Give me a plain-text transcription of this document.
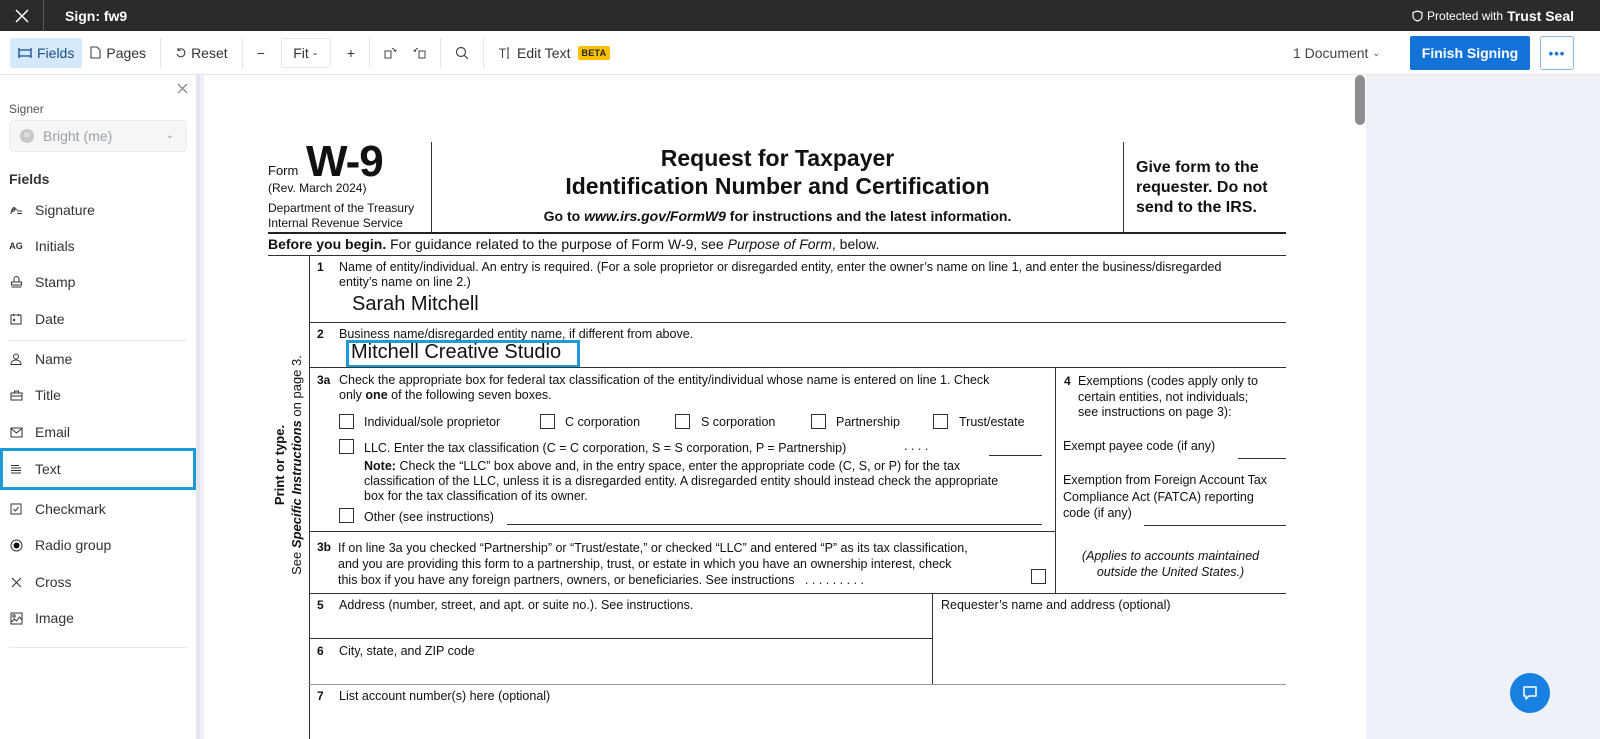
Sign: fw9	Protected with Trust Seal
Fields Pages	Reset − Fit ⌄ +	Edit Text	BETA	1 Document ⌄	Finish Signing	•••
Signer
BI Bright (me)	⌄
Fields
Signature
AG Initials
Stamp
Date
Name
Title
Email
Text
Checkmark
Radio group
Cross
Image
Form W-9
(Rev. March 2024)
Department of the Treasury
Internal Revenue Service
Request for Taxpayer
Identification Number and Certification
Go to www.irs.gov/FormW9 for instructions and the latest information.
Give form to the
requester. Do not
send to the IRS.
Before you begin. For guidance related to the purpose of Form W-9, see Purpose of Form, below.
Print or type.
See Specific Instructions on page 3.
1 Name of entity/individual. An entry is required. (For a sole proprietor or disregarded entity, enter the owner’s name on line 1, and enter the business/disregarded
entity’s name on line 2.)
Sarah Mitchell
2 Business name/disregarded entity name, if different from above.
Mitchell Creative Studio
3a Check the appropriate box for federal tax classification of the entity/individual whose name is entered on line 1. Check
only one of the following seven boxes.
Individual/sole proprietor	C corporation	S corporation	Partnership	Trust/estate
LLC. Enter the tax classification (C = C corporation, S = S corporation, P = Partnership)	. . . .
Note: Check the “LLC” box above and, in the entry space, enter the appropriate code (C, S, or P) for the tax
classification of the LLC, unless it is a disregarded entity. A disregarded entity should instead check the appropriate
box for the tax classification of its owner.
Other (see instructions)
4 Exemptions (codes apply only to
certain entities, not individuals;
see instructions on page 3):
Exempt payee code (if any)
Exemption from Foreign Account Tax
Compliance Act (FATCA) reporting
code (if any)
(Applies to accounts maintained
outside the United States.)
3b If on line 3a you checked “Partnership” or “Trust/estate,” or checked “LLC” and entered “P” as its tax classification,
and you are providing this form to a partnership, trust, or estate in which you have an ownership interest, check
this box if you have any foreign partners, owners, or beneficiaries. See instructions . . . . . . . . .
5 Address (number, street, and apt. or suite no.). See instructions.	Requester’s name and address (optional)
6 City, state, and ZIP code
7 List account number(s) here (optional)
